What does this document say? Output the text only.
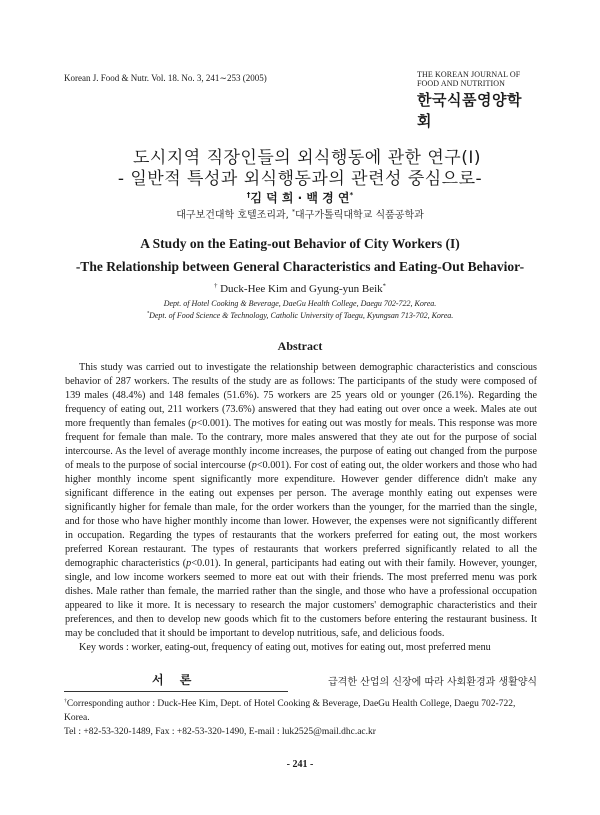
Korean J. Food & Nutr. Vol. 18. No. 3, 241∼253 (2005)	THE KOREAN JOURNAL OF
FOOD AND NUTRITION
한국식품영양학회
도시지역 직장인들의 외식행동에 관한 연구(Ⅰ)
- 일반적 특성과 외식행동과의 관련성 중심으로-
†김 덕 희 · 백 경 연*
대구보건대학 호텔조리과, *대구가톨릭대학교 식품공학과
A Study on the Eating-out Behavior of City Workers (I)
-The Relationship between General Characteristics and Eating-Out Behavior-
† Duck-Hee Kim and Gyung-yun Beik*
Dept. of Hotel Cooking & Beverage, DaeGu Health College, Daegu 702-722, Korea.
*Dept. of Food Science & Technology, Catholic University of Taegu, Kyungsan 713-702, Korea.
Abstract
This study was carried out to investigate the relationship between demographic characteristics and conscious behavior of 287 workers. The results of the study are as follows: The participants of the study were composed of 139 males (48.4%) and 148 females (51.6%). 75 workers are 25 years old or younger (26.1%). Regarding the frequency of eating out, 211 workers (73.6%) answered that they had eating out over once a week. Males ate out more frequently than females (p<0.001). The motives for eating out was mostly for meals. This response was more frequent for female than male. To the contrary, more males answered that they ate out for the purpose of social intercourse. As the level of average monthly income increases, the purpose of eating out changed from the purpose of meals to the purpose of social intercourse (p<0.001). For cost of eating out, the older workers and those who had higher monthly income spent significantly more expenditure. However gender difference didn't make any significant difference in the eating out expenses per person. The average monthly eating out expenses were significantly higher for female than male, for the order workers than the younger, for the married than the single, and for those who have higher monthly income than lower. However, the expenses were not significantly different in occupation. Regarding the types of restaurants that the workers preferred for eating out, the most workers preferred Korean restaurant. The types of restaurants that workers preferred significantly related to all the demographic characteristics (p<0.01). In general, participants had eating out with their family. However, younger, single, and low income workers seemed to more eat out with their friends. The most preferred menu was pork dishes. Male rather than female, the married rather than the single, and those who have a professional occupation appeared to like it more. It is necessary to research the major customers' demographic characteristics and their preferences, and then to develop new goods which fit to the customers before entering the restaurant business. It may be concluded that it should be important to develop nutritious, safe, and delicious foods.
Key words : worker, eating-out, frequency of eating out, motives for eating out, most preferred menu
서 론	급격한 산업의 신장에 따라 사회환경과 생활양식
†Corresponding author : Duck-Hee Kim, Dept. of Hotel Cooking & Beverage, DaeGu Health College, Daegu 702-722, Korea.
Tel : +82-53-320-1489, Fax : +82-53-320-1490, E-mail : luk2525@mail.dhc.ac.kr
- 241 -
